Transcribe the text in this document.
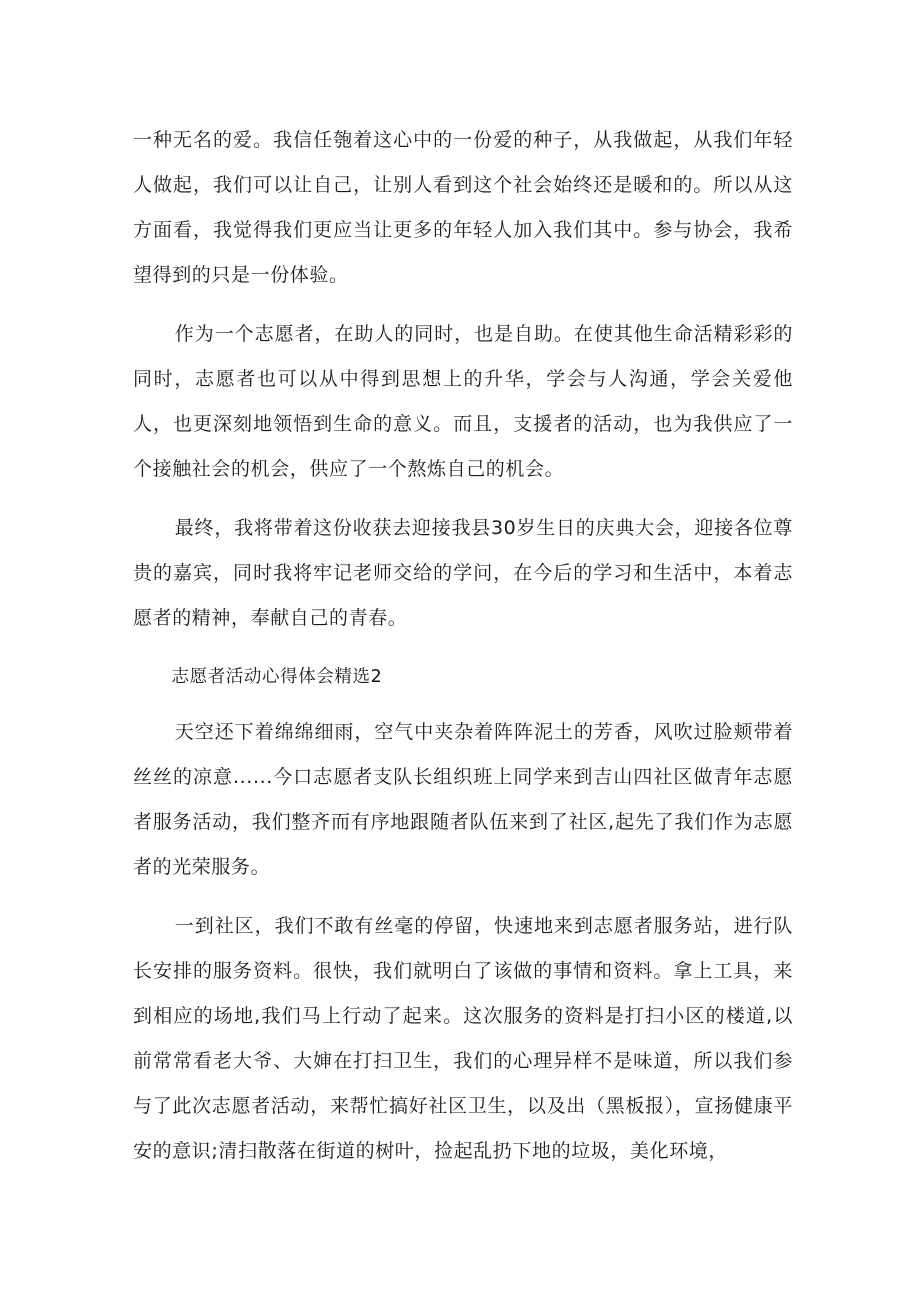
一种无名的爱。我信任匏着这心中的一份爱的种子，从我做起，从我们年轻人做起，我们可以让自己，让别人看到这个社会始终还是暖和的。所以从这方面看，我觉得我们更应当让更多的年轻人加入我们其中。参与协会，我希望得到的只是一份体验。

作为一个志愿者，在助人的同时，也是自助。在使其他生命活精彩彩的同时，志愿者也可以从中得到思想上的升华，学会与人沟通，学会关爱他人，也更深刻地领悟到生命的意义。而且，支援者的活动，也为我供应了一个接触社会的机会，供应了一个熬炼自己的机会。

最终，我将带着这份收获去迎接我县30岁生日的庆典大会，迎接各位尊贵的嘉宾，同时我将牢记老师交给的学问，在今后的学习和生活中，本着志愿者的精神，奉献自己的青春。

志愿者活动心得体会精选2

天空还下着绵绵细雨，空气中夹杂着阵阵泥土的芳香，风吹过脸颊带着丝丝的凉意......今口志愿者支队长组织班上同学来到吉山四社区做青年志愿者服务活动，我们整齐而有序地跟随者队伍来到了社区,起先了我们作为志愿者的光荣服务。

一到社区，我们不敢有丝毫的停留，快速地来到志愿者服务站，进行队长安排的服务资料。很快，我们就明白了该做的事情和资料。拿上工具，来到相应的场地,我们马上行动了起来。这次服务的资料是打扫小区的楼道,以前常常看老大爷、大婶在打扫卫生，我们的心理异样不是味道，所以我们参与了此次志愿者活动，来帮忙搞好社区卫生，以及出（黑板报），宣扬健康平安的意识;清扫散落在街道的树叶，捡起乱扔下地的垃圾，美化环境，
